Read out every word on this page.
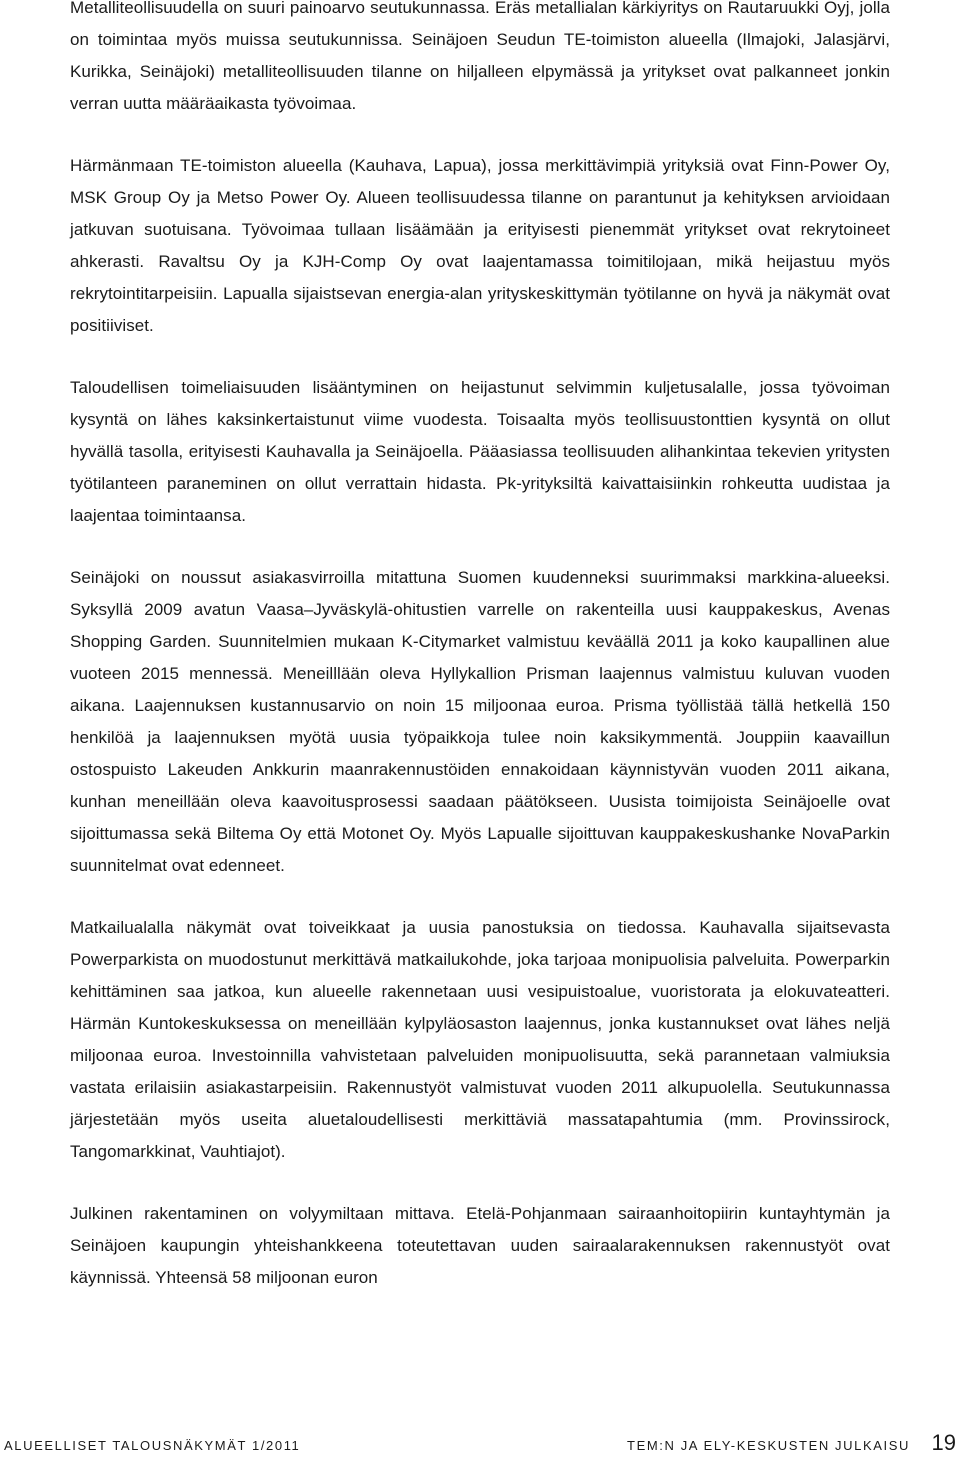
Metalliteollisuudella on suuri painoarvo seutukunnassa. Eräs metallialan kärkiyritys on Rautaruukki Oyj, jolla on toimintaa myös muissa seutukunnissa. Seinäjoen Seudun TE-toimiston alueella (Ilmajoki, Jalasjärvi, Kurikka, Seinäjoki) metalliteollisuuden tilanne on hiljalleen elpymässä ja yritykset ovat palkanneet jonkin verran uutta määräaikasta työvoimaa.

Härmänmaan TE-toimiston alueella (Kauhava, Lapua), jossa merkittävimpiä yrityksiä ovat Finn-Power Oy, MSK Group Oy ja Metso Power Oy. Alueen teollisuudessa tilanne on parantunut ja kehityksen arvioidaan jatkuvan suotuisana. Työvoimaa tullaan lisäämään ja erityisesti pienemmät yritykset ovat rekrytoineet ahkerasti. Ravaltsu Oy ja KJH-Comp Oy ovat laajentamassa toimitilojaan, mikä heijastuu myös rekrytointitarpeisiin. Lapualla sijaistsevan energia-alan yrityskeskittymän työtilanne on hyvä ja näkymät ovat positiiviset.

Taloudellisen toimeliaisuuden lisääntyminen on heijastunut selvimmin kuljetusalalle, jossa työvoiman kysyntä on lähes kaksinkertaistunut viime vuodesta. Toisaalta myös teollisuustonttien kysyntä on ollut hyvällä tasolla, erityisesti Kauhavalla ja Seinäjoella. Pääasiassa teollisuuden alihankintaa tekevien yritysten työtilanteen paraneminen on ollut verrattain hidasta. Pk-yrityksiltä kaivattaisiinkin rohkeutta uudistaa ja laajentaa toimintaansa.

Seinäjoki on noussut asiakasvirroilla mitattuna Suomen kuudenneksi suurimmaksi markkina-alueeksi. Syksyllä 2009 avatun Vaasa–Jyväskylä-ohitustien varrelle on rakenteilla uusi kauppakeskus, Avenas Shopping Garden. Suunnitelmien mukaan K-Citymarket valmistuu keväällä 2011 ja koko kaupallinen alue vuoteen 2015 mennessä. Meneilllään oleva Hyllykallion Prisman laajennus valmistuu kuluvan vuoden aikana. Laajennuksen kustannusarvio on noin 15 miljoonaa euroa. Prisma työllistää tällä hetkellä 150 henkilöä ja laajennuksen myötä uusia työpaikkoja tulee noin kaksikymmentä. Jouppiin kaavaillun ostospuisto Lakeuden Ankkurin maanrakennustöiden ennakoidaan käynnistyvän vuoden 2011 aikana, kunhan meneillään oleva kaavoitusprosessi saadaan päätökseen. Uusista toimijoista Seinäjoelle ovat sijoittumassa sekä Biltema Oy että Motonet Oy. Myös Lapualle sijoittuvan kauppakeskushanke NovaParkin suunnitelmat ovat edenneet.

Matkailualalla näkymät ovat toiveikkaat ja uusia panostuksia on tiedossa. Kauhavalla sijaitsevasta Powerparkista on muodostunut merkittävä matkailukohde, joka tarjoaa monipuolisia palveluita. Powerparkin kehittäminen saa jatkoa, kun alueelle rakennetaan uusi vesipuistoalue, vuoristorata ja elokuvateatteri. Härmän Kuntokeskuksessa on meneillään kylpyläosaston laajennus, jonka kustannukset ovat lähes neljä miljoonaa euroa. Investoinnilla vahvistetaan palveluiden monipuolisuutta, sekä parannetaan valmiuksia vastata erilaisiin asiakastarpeisiin. Rakennustyöt valmistuvat vuoden 2011 alkupuolella. Seutukunnassa järjestetään myös useita aluetaloudellisesti merkittäviä massatapahtumia (mm. Provinssirock, Tangomarkkinat, Vauhtiajot).

Julkinen rakentaminen on volyymiltaan mittava. Etelä-Pohjanmaan sairaanhoitopiirin kuntayhtymän ja Seinäjoen kaupungin yhteishankkeena toteutettavan uuden sairaalarakennuksen rakennustyöt ovat käynnissä. Yhteensä 58 miljoonan euron

ALUEELLISET TALOUSNÄKYMÄT 1/2011	TEM:N JA ELY-KESKUSTEN JULKAISU 19
